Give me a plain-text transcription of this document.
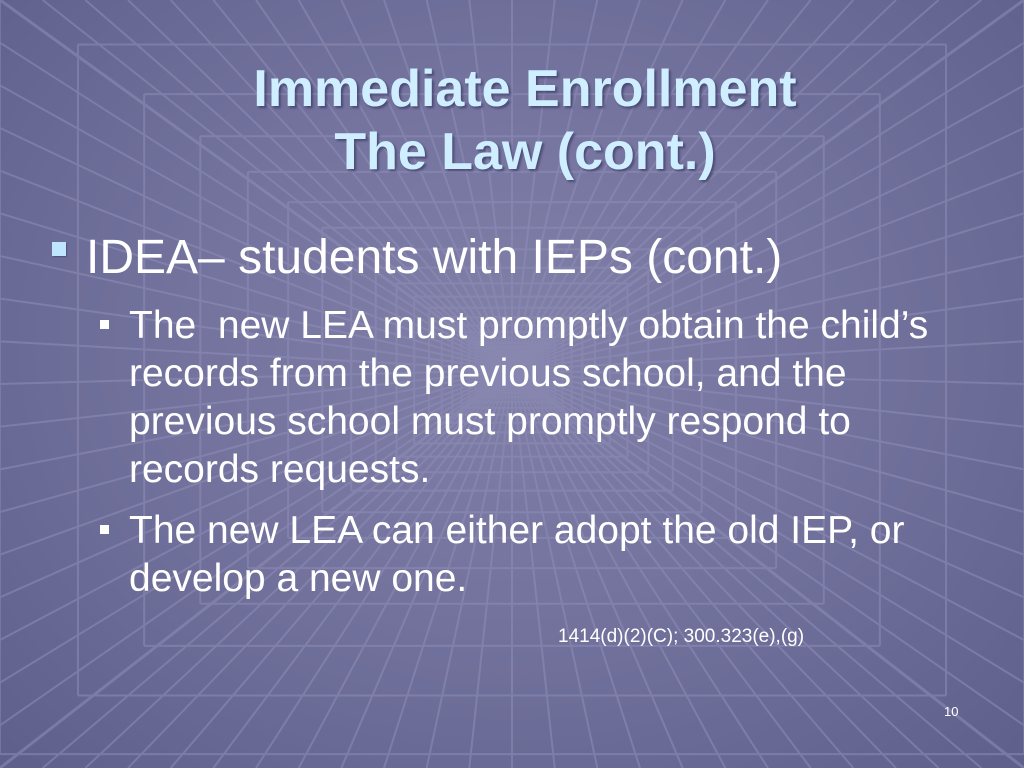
Immediate Enrollment
The Law (cont.)
IDEA– students with IEPs (cont.)
The  new LEA must promptly obtain the child’s records from the previous school, and the previous school must promptly respond to records requests.
The new LEA can either adopt the old IEP, or develop a new one.
1414(d)(2)(C); 300.323(e),(g)
10
